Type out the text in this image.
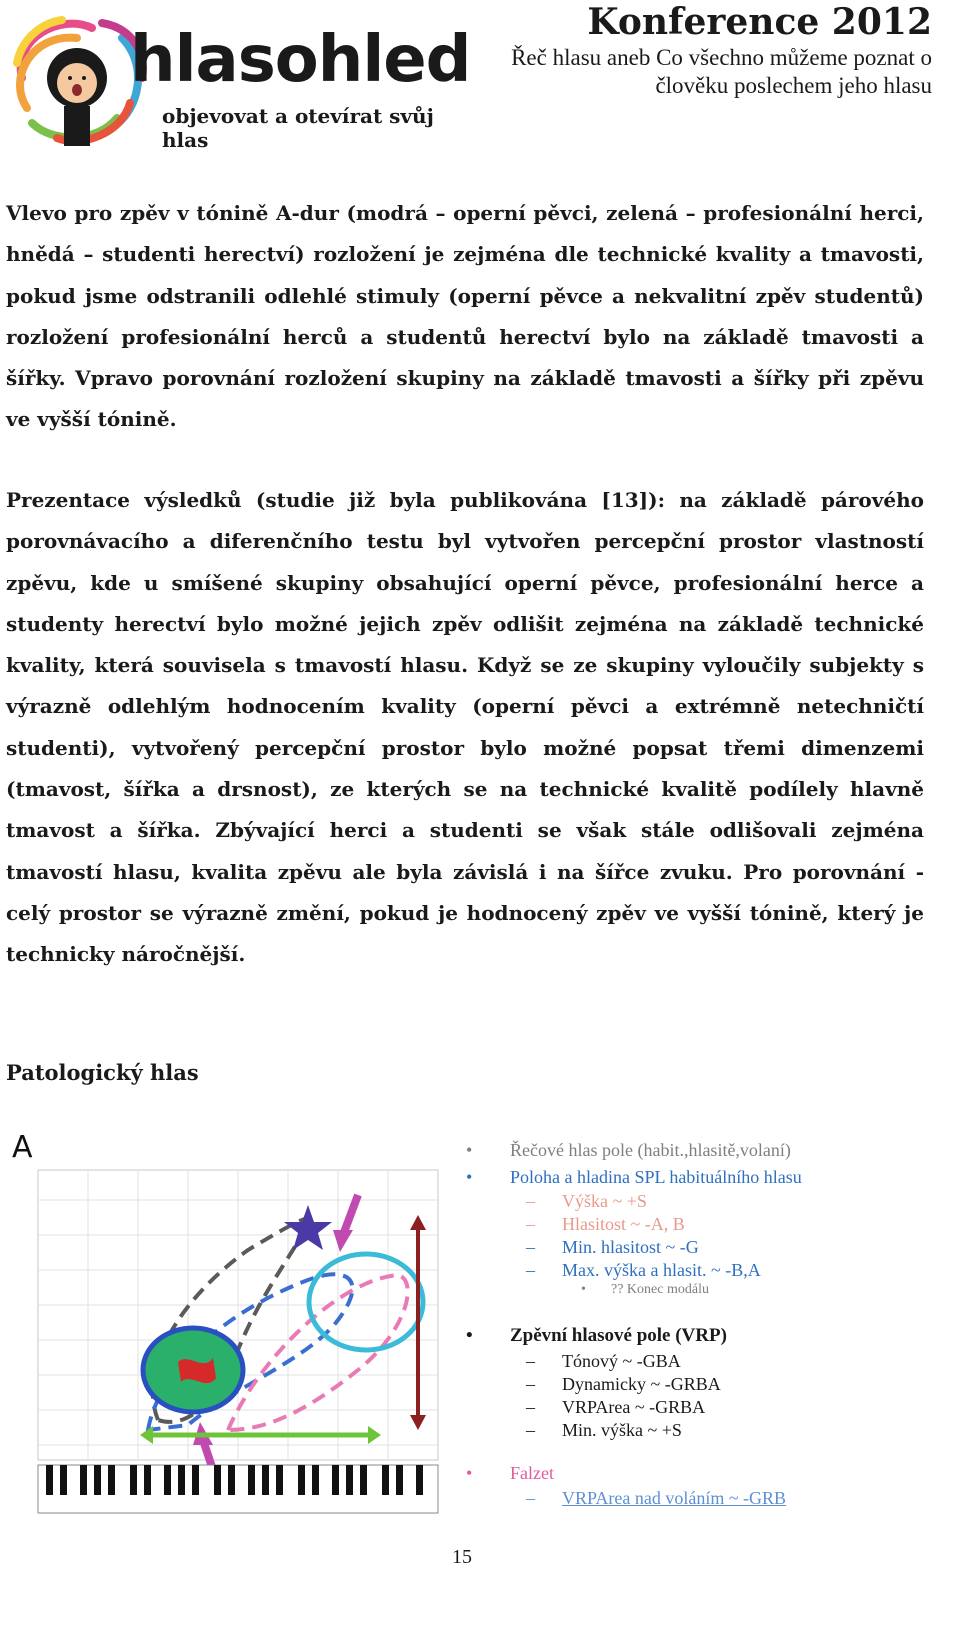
hlasohled
objevovat a otevírat svůj hlas
Konference 2012
Řeč hlasu aneb Co všechno můžeme poznat o člověku poslechem jeho hlasu
Vlevo pro zpěv v tónině A-dur (modrá – operní pěvci, zelená – profesionální herci, hnědá – studenti herectví) rozložení je zejména dle technické kvality a tmavosti, pokud jsme odstranili odlehlé stimuly (operní pěvce a nekvalitní zpěv studentů) rozložení profesionální herců a studentů herectví bylo na základě tmavosti a šířky. Vpravo porovnání rozložení skupiny na základě tmavosti a šířky při zpěvu ve vyšší tónině.
Prezentace výsledků (studie již byla publikována [13]): na základě párového porovnávacího a diferenčního testu byl vytvořen percepční prostor vlastností zpěvu, kde u smíšené skupiny obsahující operní pěvce, profesionální herce a studenty herectví bylo možné jejich zpěv odlišit zejména na základě technické kvality, která souvisela s tmavostí hlasu. Když se ze skupiny vyloučily subjekty s výrazně odlehlým hodnocením kvality (operní pěvci a extrémně netechničtí studenti), vytvořený percepční prostor bylo možné popsat třemi dimenzemi (tmavost, šířka a drsnost), ze kterých se na technické kvalitě podílely hlavně tmavost a šířka. Zbývající herci a studenti se však stále odlišovali zejména tmavostí hlasu, kvalita zpěvu ale byla závislá i na šířce zvuku. Pro porovnání - celý prostor se výrazně změní, pokud je hodnocený zpěv ve vyšší tónině, který je technicky náročnější.
Patologický hlas
A	• Řečové hlas pole (habit.,hlasitě,volaní)
• Poloha a hladina SPL habituálního hlasu
– Výška ~ +S
– Hlasitost ~ -A, B
– Min. hlasitost ~ -G
– Max. výška a hlasit. ~ -B,A
• ?? Konec modálu
• Zpěvní hlasové pole (VRP)
– Tónový ~ -GBA
– Dynamicky ~ -GRBA
– VRPArea ~ -GRBA
– Min. výška ~ +S
• Falzet
– VRPArea nad voláním ~ -GRB
15
